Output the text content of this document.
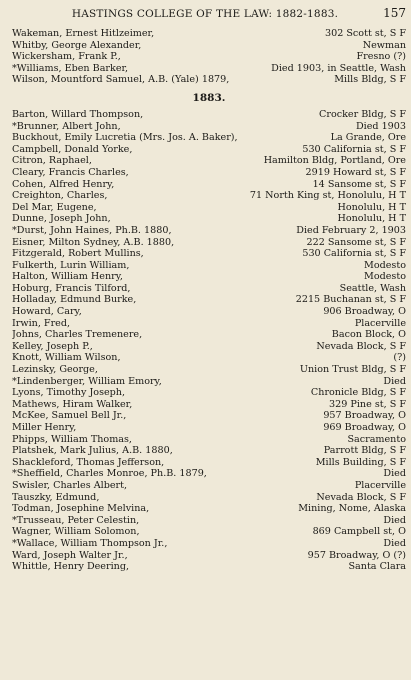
HASTINGS COLLEGE OF THE LAW: 1882-1883.	157
Wakeman, Ernest Hitlzeimer,	302 Scott st, S F
Whitby, George Alexander,	Newman
Wickersham, Frank P.,	Fresno (?)
*Williams, Eben Barker,	Died 1903, in Seattle, Wash
Wilson, Mountford Samuel, A.B. (Yale) 1879,	Mills Bldg, S F
1883.
Barton, Willard Thompson,	Crocker Bldg, S F
*Brunner, Albert John,	Died 1903
Buckhout, Emily Lucretia (Mrs. Jos. A. Baker),	La Grande, Ore
Campbell, Donald Yorke,	530 California st, S F
Citron, Raphael,	Hamilton Bldg, Portland, Ore
Cleary, Francis Charles,	2919 Howard st, S F
Cohen, Alfred Henry,	14 Sansome st, S F
Creighton, Charles,	71 North King st, Honolulu, H T
Del Mar, Eugene,	Honolulu, H T
Dunne, Joseph John,	Honolulu, H T
*Durst, John Haines, Ph.B. 1880,	Died February 2, 1903
Eisner, Milton Sydney, A.B. 1880,	222 Sansome st, S F
Fitzgerald, Robert Mullins,	530 California st, S F
Fulkerth, Lurin William,	Modesto
Halton, William Henry,	Modesto
Hoburg, Francis Tilford,	Seattle, Wash
Holladay, Edmund Burke,	2215 Buchanan st, S F
Howard, Cary,	906 Broadway, O
Irwin, Fred,	Placerville
Johns, Charles Tremenere,	Bacon Block, O
Kelley, Joseph P.,	Nevada Block, S F
Knott, William Wilson,	(?)
Lezinsky, George,	Union Trust Bldg, S F
*Lindenberger, William Emory,	Died
Lyons, Timothy Joseph,	Chronicle Bldg, S F
Mathews, Hiram Walker,	329 Pine st, S F
McKee, Samuel Bell Jr.,	957 Broadway, O
Miller Henry,	969 Broadway, O
Phipps, William Thomas,	Sacramento
Platshek, Mark Julius, A.B. 1880,	Parrott Bldg, S F
Shackleford, Thomas Jefferson,	Mills Building, S F
*Sheffield, Charles Monroe, Ph.B. 1879,	Died
Swisler, Charles Albert,	Placerville
Tauszky, Edmund,	Nevada Block, S F
Todman, Josephine Melvina,	Mining, Nome, Alaska
*Trusseau, Peter Celestin,	Died
Wagner, William Solomon,	869 Campbell st, O
*Wallace, William Thompson Jr.,	Died
Ward, Joseph Walter Jr.,	957 Broadway, O (?)
Whittle, Henry Deering,	Santa Clara
